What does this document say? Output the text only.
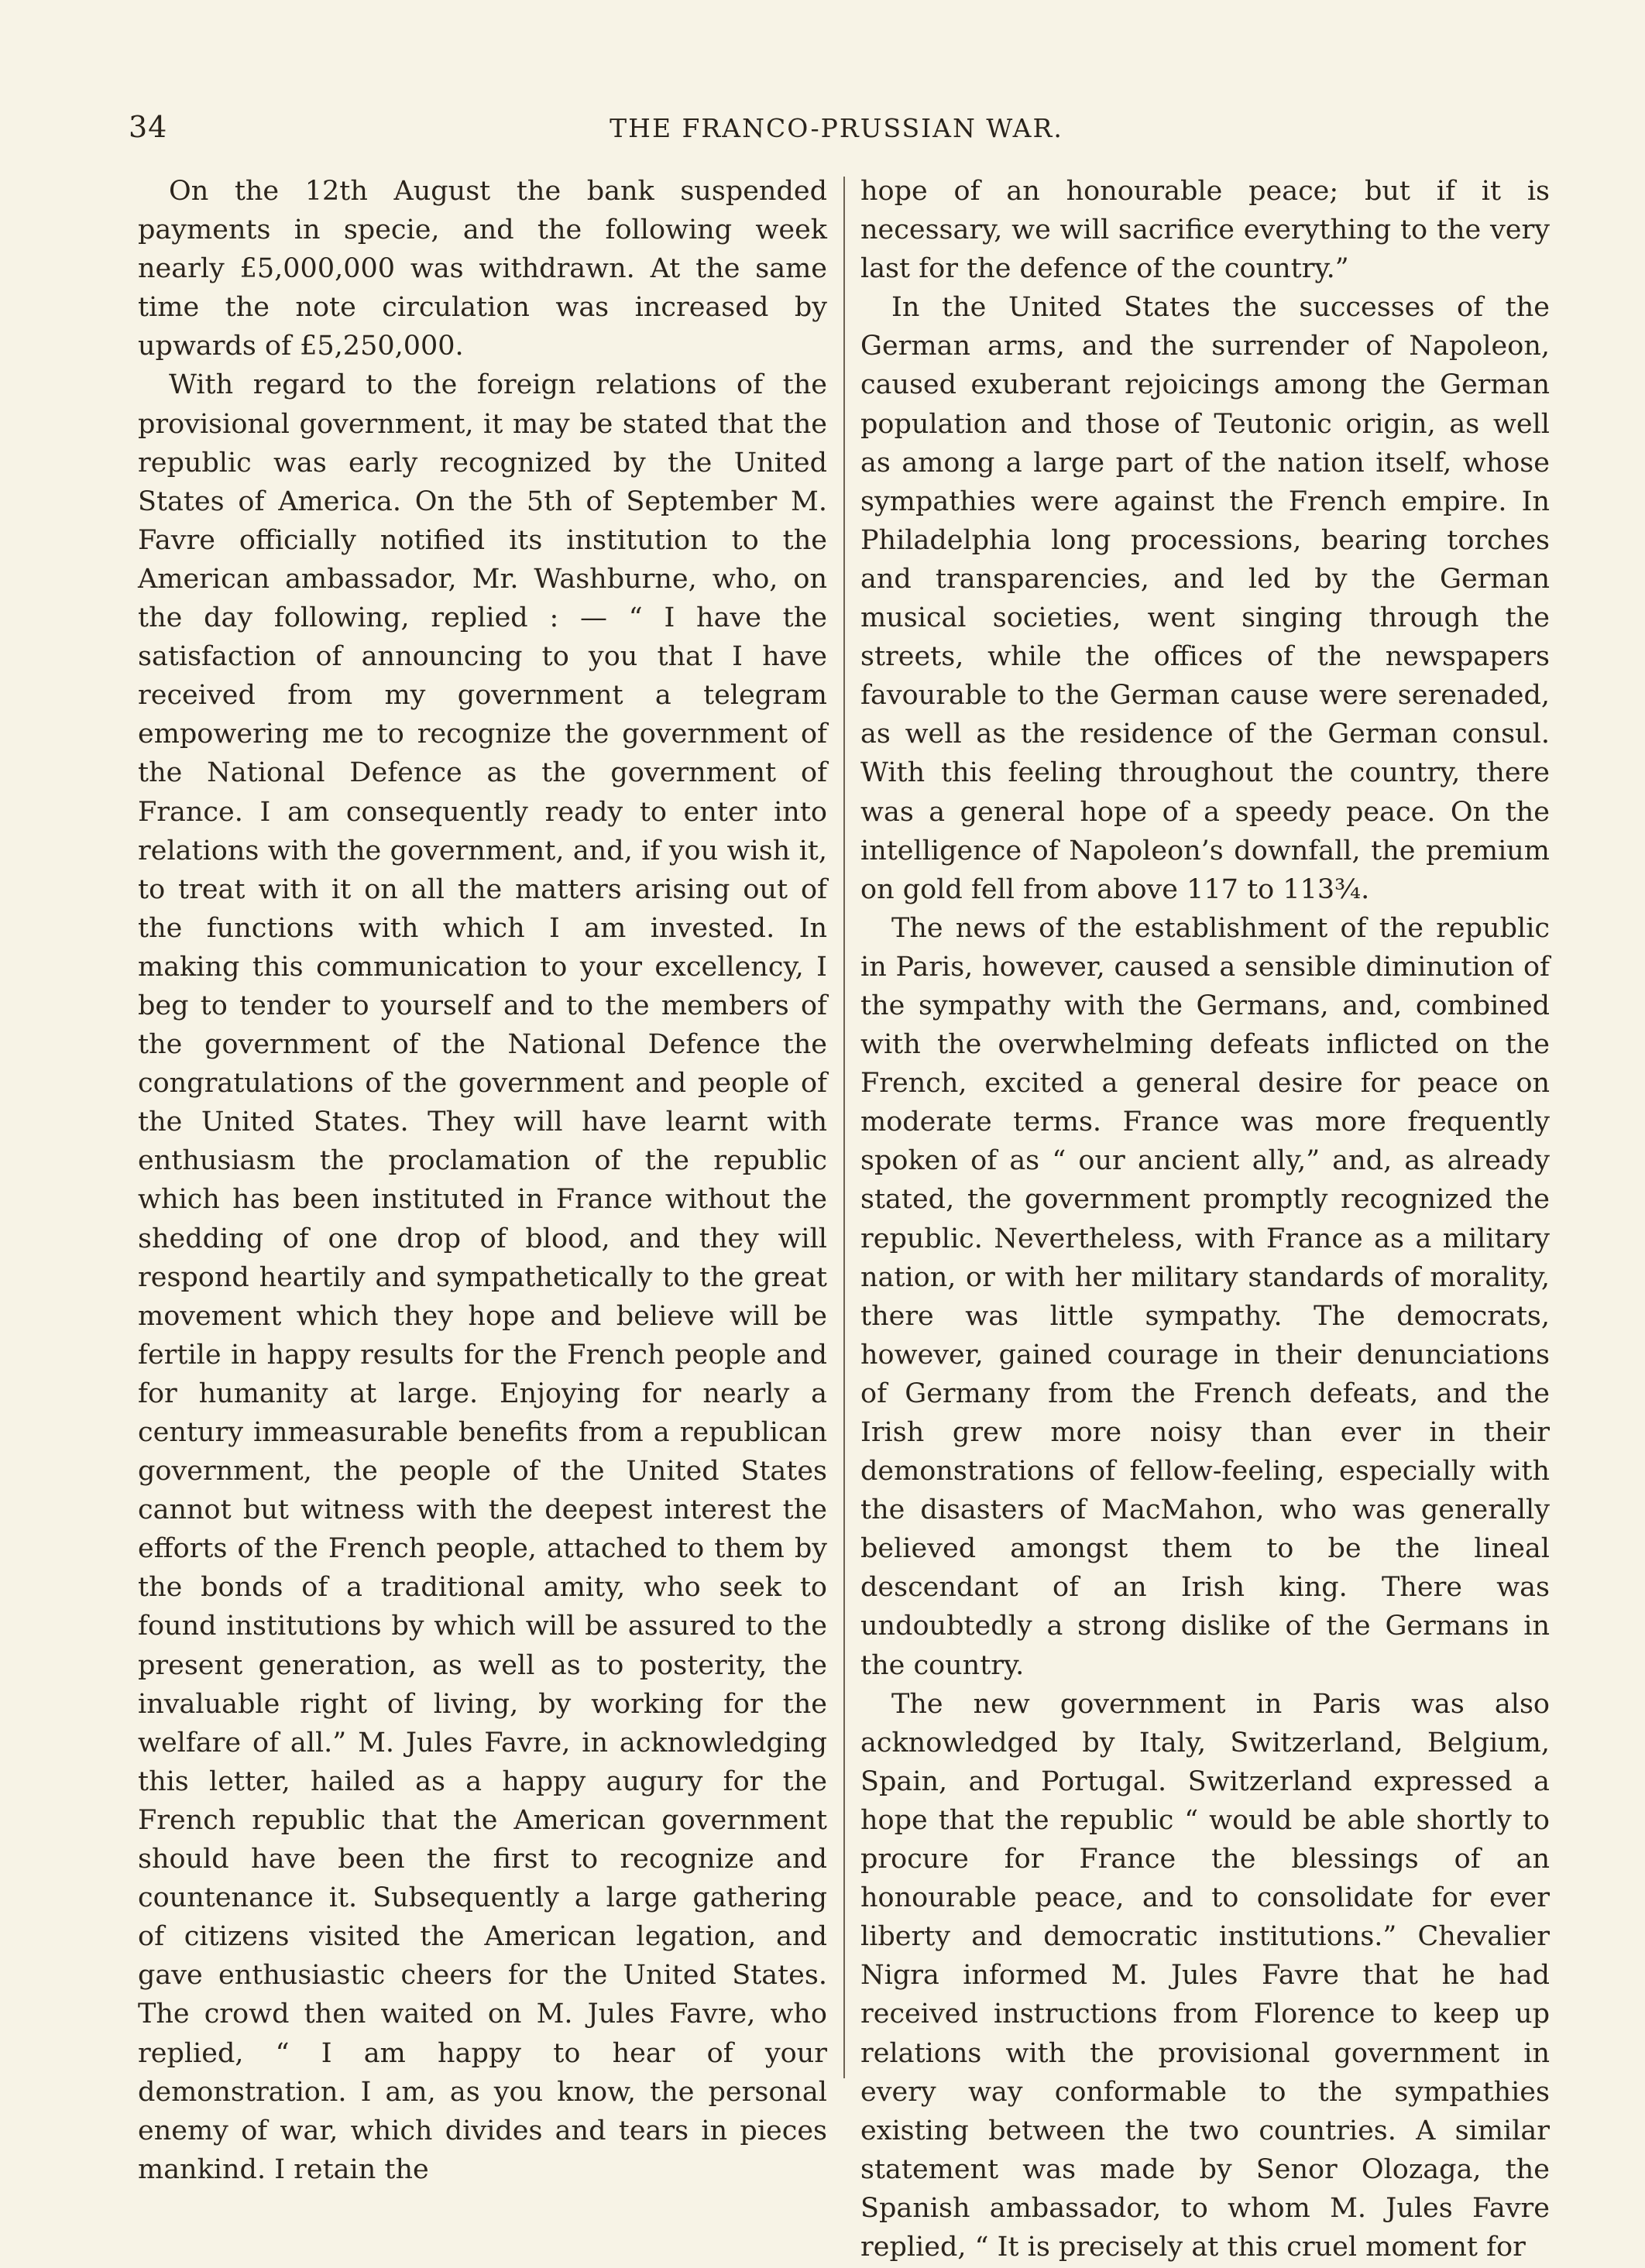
34	THE FRANCO-PRUSSIAN WAR.

On the 12th August the bank suspended payments in specie, and the following week nearly £5,000,000 was withdrawn. At the same time the note circulation was increased by upwards of £5,250,000.

With regard to the foreign relations of the provisional government, it may be stated that the republic was early recognized by the United States of America. On the 5th of September M. Favre officially notified its institution to the American ambassador, Mr. Washburne, who, on the day following, replied : — “ I have the satisfaction of announcing to you that I have received from my government a telegram empowering me to recognize the government of the National Defence as the government of France. I am consequently ready to enter into relations with the government, and, if you wish it, to treat with it on all the matters arising out of the functions with which I am invested. In making this communication to your excellency, I beg to tender to yourself and to the members of the government of the National Defence the congratulations of the government and people of the United States. They will have learnt with enthusiasm the proclamation of the republic which has been instituted in France without the shedding of one drop of blood, and they will respond heartily and sympathetically to the great movement which they hope and believe will be fertile in happy results for the French people and for humanity at large. Enjoying for nearly a century immeasurable benefits from a republican government, the people of the United States cannot but witness with the deepest interest the efforts of the French people, attached to them by the bonds of a traditional amity, who seek to found institutions by which will be assured to the present generation, as well as to posterity, the invaluable right of living, by working for the welfare of all.” M. Jules Favre, in acknowledging this letter, hailed as a happy augury for the French republic that the American government should have been the first to recognize and countenance it. Subsequently a large gathering of citizens visited the American legation, and gave enthusiastic cheers for the United States. The crowd then waited on M. Jules Favre, who replied, “ I am happy to hear of your demonstration. I am, as you know, the personal enemy of war, which divides and tears in pieces mankind. I retain the

hope of an honourable peace; but if it is necessary, we will sacrifice everything to the very last for the defence of the country.”

In the United States the successes of the German arms, and the surrender of Napoleon, caused exuberant rejoicings among the German population and those of Teutonic origin, as well as among a large part of the nation itself, whose sympathies were against the French empire. In Philadelphia long processions, bearing torches and transparencies, and led by the German musical societies, went singing through the streets, while the offices of the newspapers favourable to the German cause were serenaded, as well as the residence of the German consul. With this feeling throughout the country, there was a general hope of a speedy peace. On the intelligence of Napoleon’s downfall, the premium on gold fell from above 117 to 113¾.

The news of the establishment of the republic in Paris, however, caused a sensible diminution of the sympathy with the Germans, and, combined with the overwhelming defeats inflicted on the French, excited a general desire for peace on moderate terms. France was more frequently spoken of as “ our ancient ally,” and, as already stated, the government promptly recognized the republic. Nevertheless, with France as a military nation, or with her military standards of morality, there was little sympathy. The democrats, however, gained courage in their denunciations of Germany from the French defeats, and the Irish grew more noisy than ever in their demonstrations of fellow-feeling, especially with the disasters of MacMahon, who was generally believed amongst them to be the lineal descendant of an Irish king. There was undoubtedly a strong dislike of the Germans in the country.

The new government in Paris was also acknowledged by Italy, Switzerland, Belgium, Spain, and Portugal. Switzerland expressed a hope that the republic “ would be able shortly to procure for France the blessings of an honourable peace, and to consolidate for ever liberty and democratic institutions.” Chevalier Nigra informed M. Jules Favre that he had received instructions from Florence to keep up relations with the provisional government in every way conformable to the sympathies existing between the two countries. A similar statement was made by Senor Olozaga, the Spanish ambassador, to whom M. Jules Favre replied, “ It is precisely at this cruel moment for
